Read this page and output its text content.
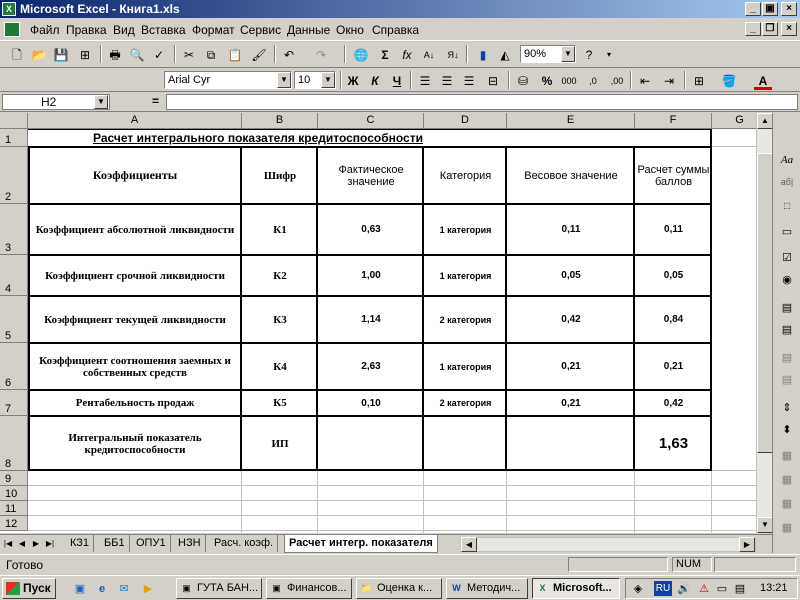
X Microsoft Excel - Книга1.xls	_ ▣	×
Файл Правка Вид Вставка Формат Сервис Данные Окно Справка	_ ❐	×
🗋 📂 💾 ⊞	🖶 🔍 ✓	✂	⧉	📋 🖌	↶	↷	🌐	Σ	fx	А↓	Я↓	▮	◭	90%	▼	?	▾
Arial Cyr	▼ 10	▼ Ж	К	Ч	☰ ☰ ☰	⊟	⛁	%	000	,0	,00	⇤	⇥	⊞	🪣	A
H2	▼	=
A	B	C	D	E	F	G
1
2
3
4
5
6
7
8
9
10
11
12
Расчет интегрального показателя кредитоспособности
Коэффициенты	Шифр	Фактическое значение	Категория	Весовое значение	Расчет суммы баллов
Коэффициент абсолютной ликвидности	К1	0,63	1 категория	0,11	0,11
Коэффициент срочной ликвидности	К2	1,00	1 категория	0,05	0,05
Коэффициент текущей ликвидности	К3	1,14	2 категория	0,42	0,84
Коэффициент соотношения заемных и собственных средств	К4	2,63	1 категория	0,21	0,21
Рентабельность продаж	К5	0,10	2 категория	0,21	0,42
Интегральный показатель кредитоспособности	ИП	1,63
▲
▼
Aa
аб|
⬚
▭
☑
◉
▤
▤
▤
▤
⇕
⬍
▦
▦
▦
▦
|◀ ◀ ▶ ▶|	КЗ1	ББ1	ОПУ1	НЗН	Расч. коэф.	Расчет интегр. показателя	◀	▶
Готово	NUM
Пуск	▣	e	✉	▶	▣ ГУТА БАН...	▣ Финансов...	📁 Оценка к...	W Методич...	X Microsoft...	◈	RU 🔊 ⚠ ▭ ▤ 13:21
